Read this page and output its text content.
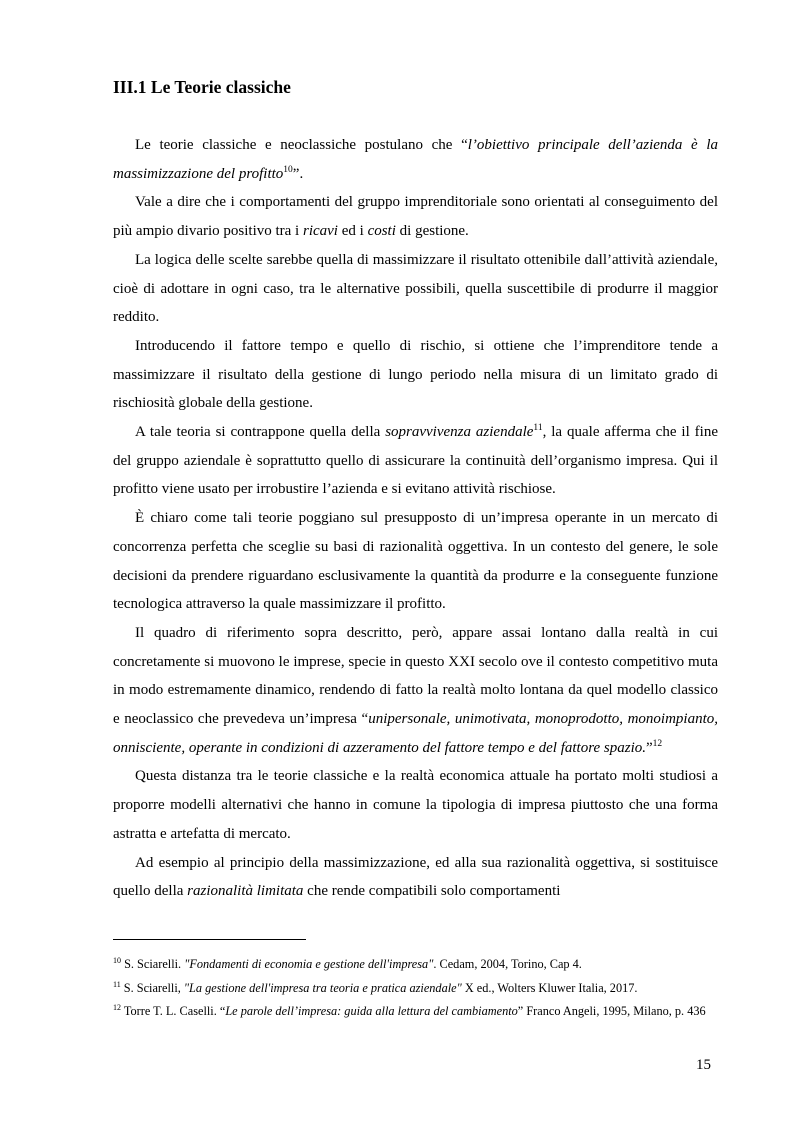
III.1 Le Teorie classiche

Le teorie classiche e neoclassiche postulano che “l’obiettivo principale dell’azienda è la massimizzazione del profitto$^{10}$”.

Vale a dire che i comportamenti del gruppo imprenditoriale sono orientati al conseguimento del più ampio divario positivo tra i ricavi ed i costi di gestione.

La logica delle scelte sarebbe quella di massimizzare il risultato ottenibile dall’attività aziendale, cioè di adottare in ogni caso, tra le alternative possibili, quella suscettibile di produrre il maggior reddito.

Introducendo il fattore tempo e quello di rischio, si ottiene che l’imprenditore tende a massimizzare il risultato della gestione di lungo periodo nella misura di un limitato grado di rischiosità globale della gestione.

A tale teoria si contrappone quella della sopravvivenza aziendale$^{11}$, la quale afferma che il fine del gruppo aziendale è soprattutto quello di assicurare la continuità dell’organismo impresa. Qui il profitto viene usato per irrobustire l’azienda e si evitano attività rischiose.

È chiaro come tali teorie poggiano sul presupposto di un’impresa operante in un mercato di concorrenza perfetta che sceglie su basi di razionalità oggettiva. In un contesto del genere, le sole decisioni da prendere riguardano esclusivamente la quantità da produrre e la conseguente funzione tecnologica attraverso la quale massimizzare il profitto.

Il quadro di riferimento sopra descritto, però, appare assai lontano dalla realtà in cui concretamente si muovono le imprese, specie in questo XXI secolo ove il contesto competitivo muta in modo estremamente dinamico, rendendo di fatto la realtà molto lontana da quel modello classico e neoclassico che prevedeva un’impresa “unipersonale, unimotivata, monoprodotto, monoimpianto, onnisciente, operante in condizioni di azzeramento del fattore tempo e del fattore spazio.”$^{12}$

Questa distanza tra le teorie classiche e la realtà economica attuale ha portato molti studiosi a proporre modelli alternativi che hanno in comune la tipologia di impresa piuttosto che una forma astratta e artefatta di mercato.

Ad esempio al principio della massimizzazione, ed alla sua razionalità oggettiva, si sostituisce quello della razionalità limitata che rende compatibili solo comportamenti

$^{10}$ S. Sciarelli. "Fondamenti di economia e gestione dell'impresa". Cedam, 2004, Torino, Cap 4.

$^{11}$ S. Sciarelli, "La gestione dell'impresa tra teoria e pratica aziendale" X ed., Wolters Kluwer Italia, 2017.

$^{12}$ Torre T. L. Caselli. “Le parole dell’impresa: guida alla lettura del cambiamento” Franco Angeli, 1995, Milano, p. 436

15
